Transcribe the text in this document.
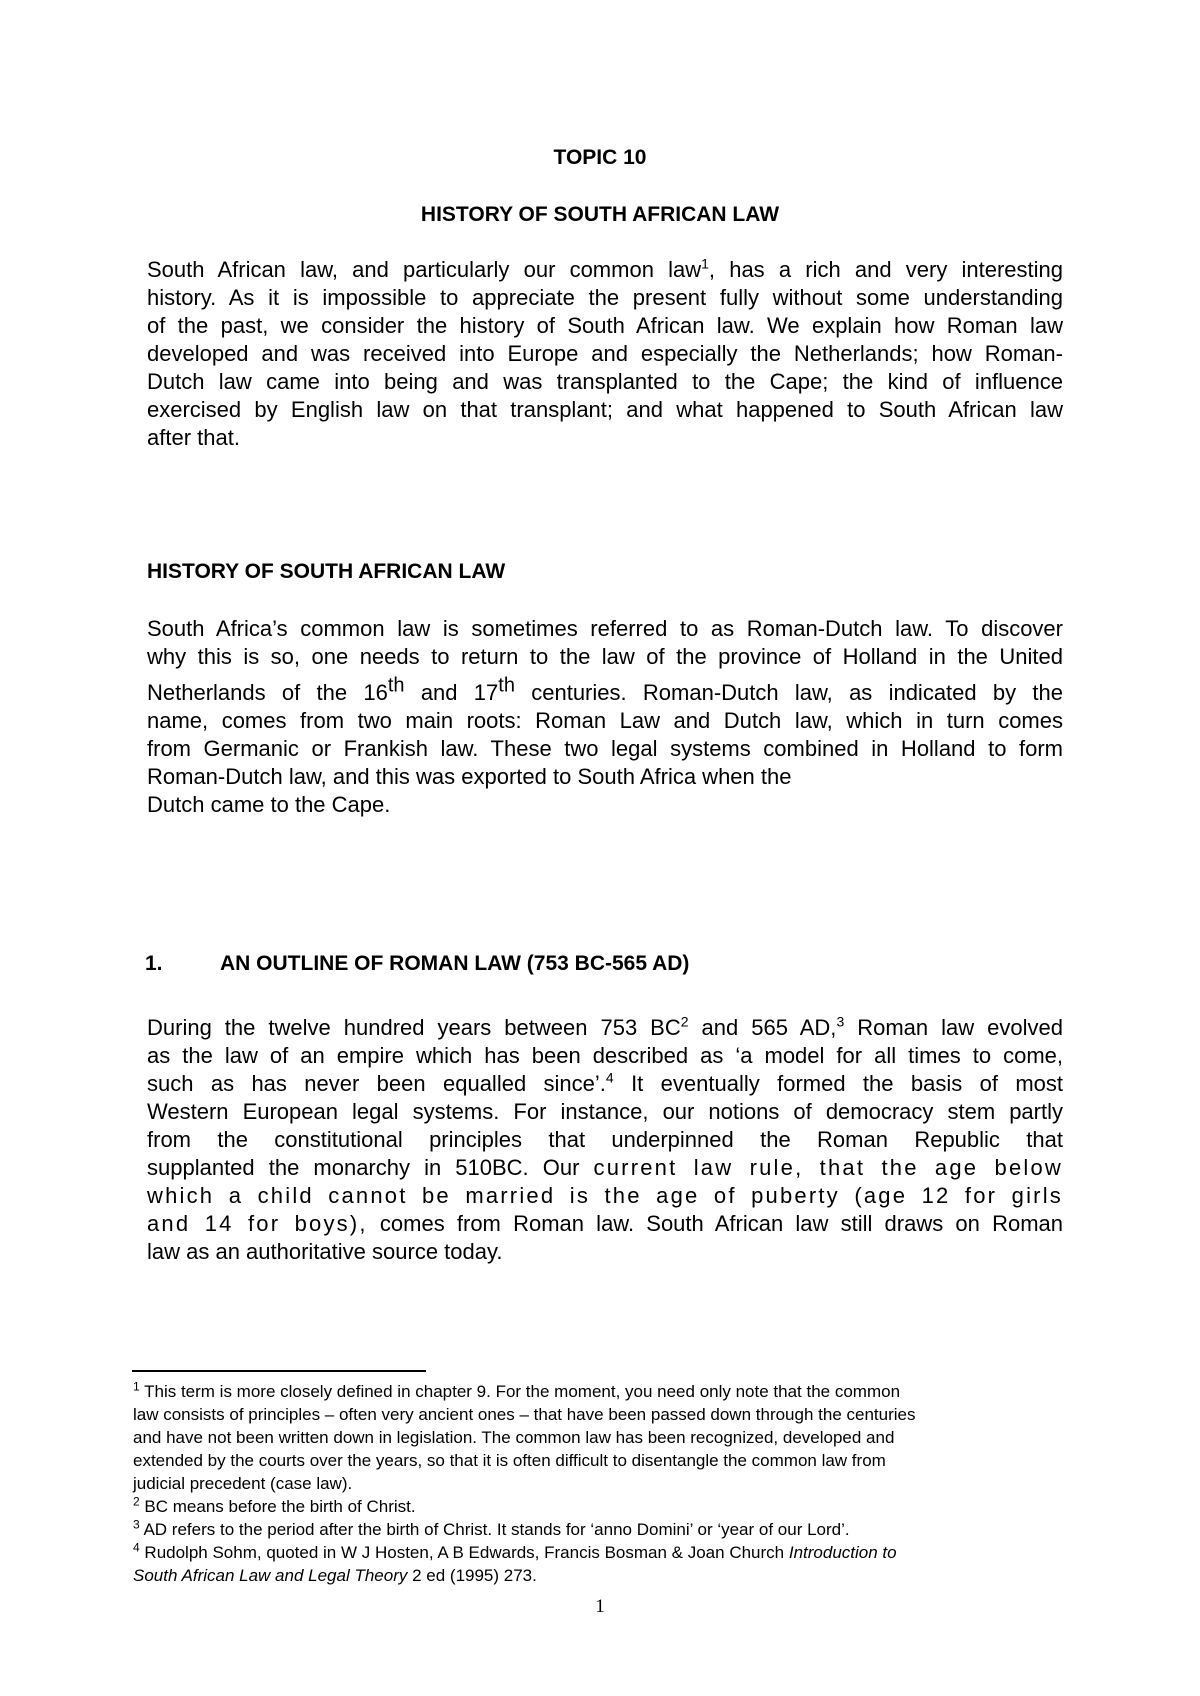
TOPIC 10
HISTORY OF SOUTH AFRICAN LAW
South African law, and particularly our common law$^1$, has a rich and very interesting
history. As it is impossible to appreciate the present fully without some understanding
of the past, we consider the history of South African law. We explain how Roman law
developed and was received into Europe and especially the Netherlands; how Roman-
Dutch law came into being and was transplanted to the Cape; the kind of influence
exercised by English law on that transplant; and what happened to South African law
after that.
HISTORY OF SOUTH AFRICAN LAW
South Africa’s common law is sometimes referred to as Roman-Dutch law. To discover
why this is so, one needs to return to the law of the province of Holland in the United
Netherlands of the 16th and 17th centuries. Roman-Dutch law, as indicated by the
name, comes from two main roots: Roman Law and Dutch law, which in turn comes
from Germanic or Frankish law. These two legal systems combined in Holland to form
Roman-Dutch law, and this was exported to South Africa when the
Dutch came to the Cape.
1.	AN OUTLINE OF ROMAN LAW (753 BC-565 AD)
During the twelve hundred years between 753 $BC^2$ and 565 AD,$^3$ Roman law evolved
as the law of an empire which has been described as ‘a model for all times to come,
such as has never been equalled since’.$^4$ It eventually formed the basis of most
Western European legal systems. For instance, our notions of democracy stem partly
from the constitutional principles that underpinned the Roman Republic that
supplanted the monarchy in 510BC. Our current law rule, that the age below
which a child cannot be married is the age of puberty (age 12 for girls
and 14 for boys), comes from Roman law. South African law still draws on Roman
law as an authoritative source today.
$^1$ This term is more closely defined in chapter 9. For the moment, you need only note that the common
law consists of principles – often very ancient ones – that have been passed down through the centuries
and have not been written down in legislation. The common law has been recognized, developed and
extended by the courts over the years, so that it is often difficult to disentangle the common law from
judicial precedent (case law).
$^2$ BC means before the birth of Christ.
$^3$ AD refers to the period after the birth of Christ. It stands for ‘anno Domini’ or ‘year of our Lord’.
$^4$ Rudolph Sohm, quoted in W J Hosten, A B Edwards, Francis Bosman & Joan Church Introduction to
South African Law and Legal Theory 2 ed (1995) 273.
1
